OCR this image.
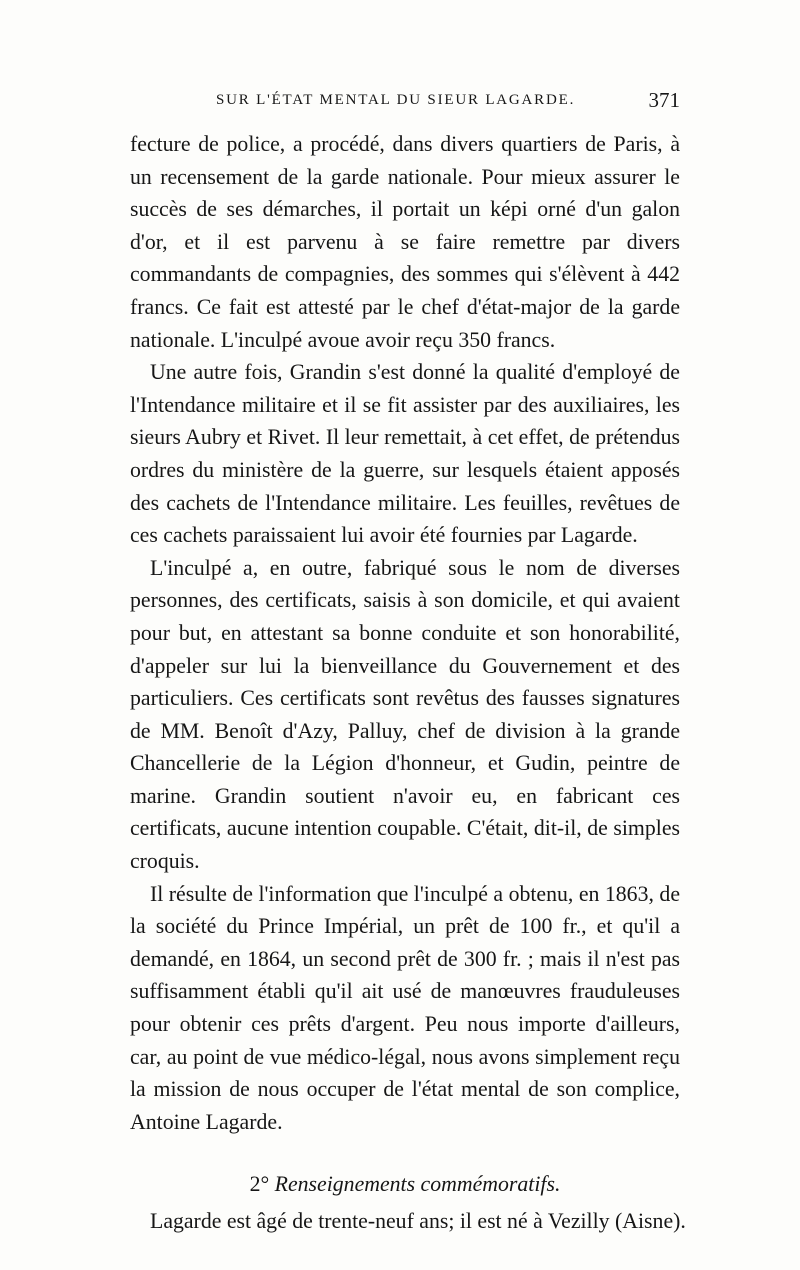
SUR L'ÉTAT MENTAL DU SIEUR LAGARDE.	371

fecture de police, a procédé, dans divers quartiers de Paris, à un recensement de la garde nationale. Pour mieux assurer le succès de ses démarches, il portait un képi orné d'un galon d'or, et il est parvenu à se faire remettre par divers commandants de compagnies, des sommes qui s'élèvent à 442 francs. Ce fait est attesté par le chef d'état-major de la garde nationale. L'inculpé avoue avoir reçu 350 francs.

Une autre fois, Grandin s'est donné la qualité d'employé de l'Intendance militaire et il se fit assister par des auxiliaires, les sieurs Aubry et Rivet. Il leur remettait, à cet effet, de prétendus ordres du ministère de la guerre, sur lesquels étaient apposés des cachets de l'Intendance militaire. Les feuilles, revêtues de ces cachets paraissaient lui avoir été fournies par Lagarde.

L'inculpé a, en outre, fabriqué sous le nom de diverses personnes, des certificats, saisis à son domicile, et qui avaient pour but, en attestant sa bonne conduite et son honorabilité, d'appeler sur lui la bienveillance du Gouvernement et des particuliers. Ces certificats sont revêtus des fausses signatures de MM. Benoît d'Azy, Palluy, chef de division à la grande Chancellerie de la Légion d'honneur, et Gudin, peintre de marine. Grandin soutient n'avoir eu, en fabricant ces certificats, aucune intention coupable. C'était, dit-il, de simples croquis.

Il résulte de l'information que l'inculpé a obtenu, en 1863, de la société du Prince Impérial, un prêt de 100 fr., et qu'il a demandé, en 1864, un second prêt de 300 fr. ; mais il n'est pas suffisamment établi qu'il ait usé de manœuvres frauduleuses pour obtenir ces prêts d'argent. Peu nous importe d'ailleurs, car, au point de vue médico-légal, nous avons simplement reçu la mission de nous occuper de l'état mental de son complice, Antoine Lagarde.

2° Renseignements commémoratifs.

Lagarde est âgé de trente-neuf ans; il est né à Vezilly (Aisne).
